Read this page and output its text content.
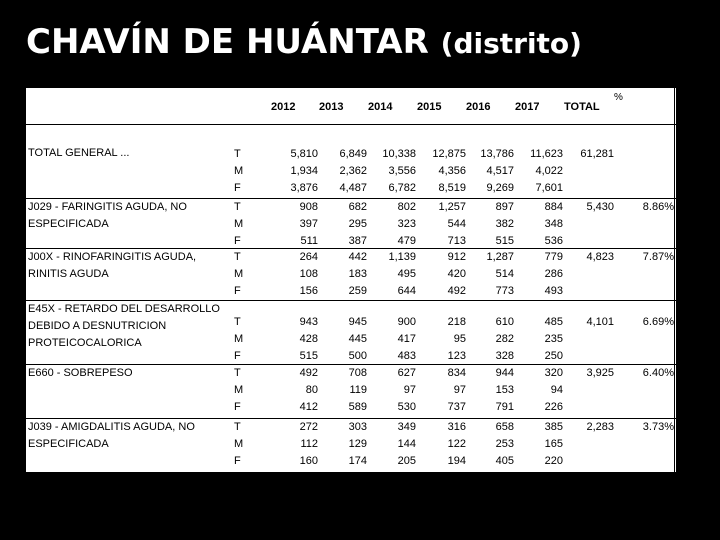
CHAVÍN DE HUÁNTAR (distrito)
%
2012 2013 2014 2015 2016 2017 TOTAL
TOTAL GENERAL ...	T	5,810	6,849	10,338	12,875	13,786	11,623	61,281
M	1,934	2,362	3,556	4,356	4,517	4,022
F	3,876	4,487	6,782	8,519	9,269	7,601
J029 - FARINGITIS AGUDA, NO ESPECIFICADA
T	908	682	802	1,257	897	884	5,430	8.86%
M	397	295	323	544	382	348
F	511	387	479	713	515	536
J00X - RINOFARINGITIS AGUDA, RINITIS AGUDA
T	264	442	1,139	912	1,287	779	4,823	7.87%
M	108	183	495	420	514	286
F	156	259	644	492	773	493
E45X - RETARDO DEL DESARROLLO DEBIDO A DESNUTRICION PROTEICOCALORICA
T	943	945	900	218	610	485	4,101	6.69%
M	428	445	417	95	282	235
F	515	500	483	123	328	250
E660 - SOBREPESO	T	492	708	627	834	944	320	3,925	6.40%
M	80	119	97	97	153	94
F	412	589	530	737	791	226
J039 - AMIGDALITIS AGUDA, NO ESPECIFICADA
T	272	303	349	316	658	385	2,283	3.73%
M	112	129	144	122	253	165
F	160	174	205	194	405	220
